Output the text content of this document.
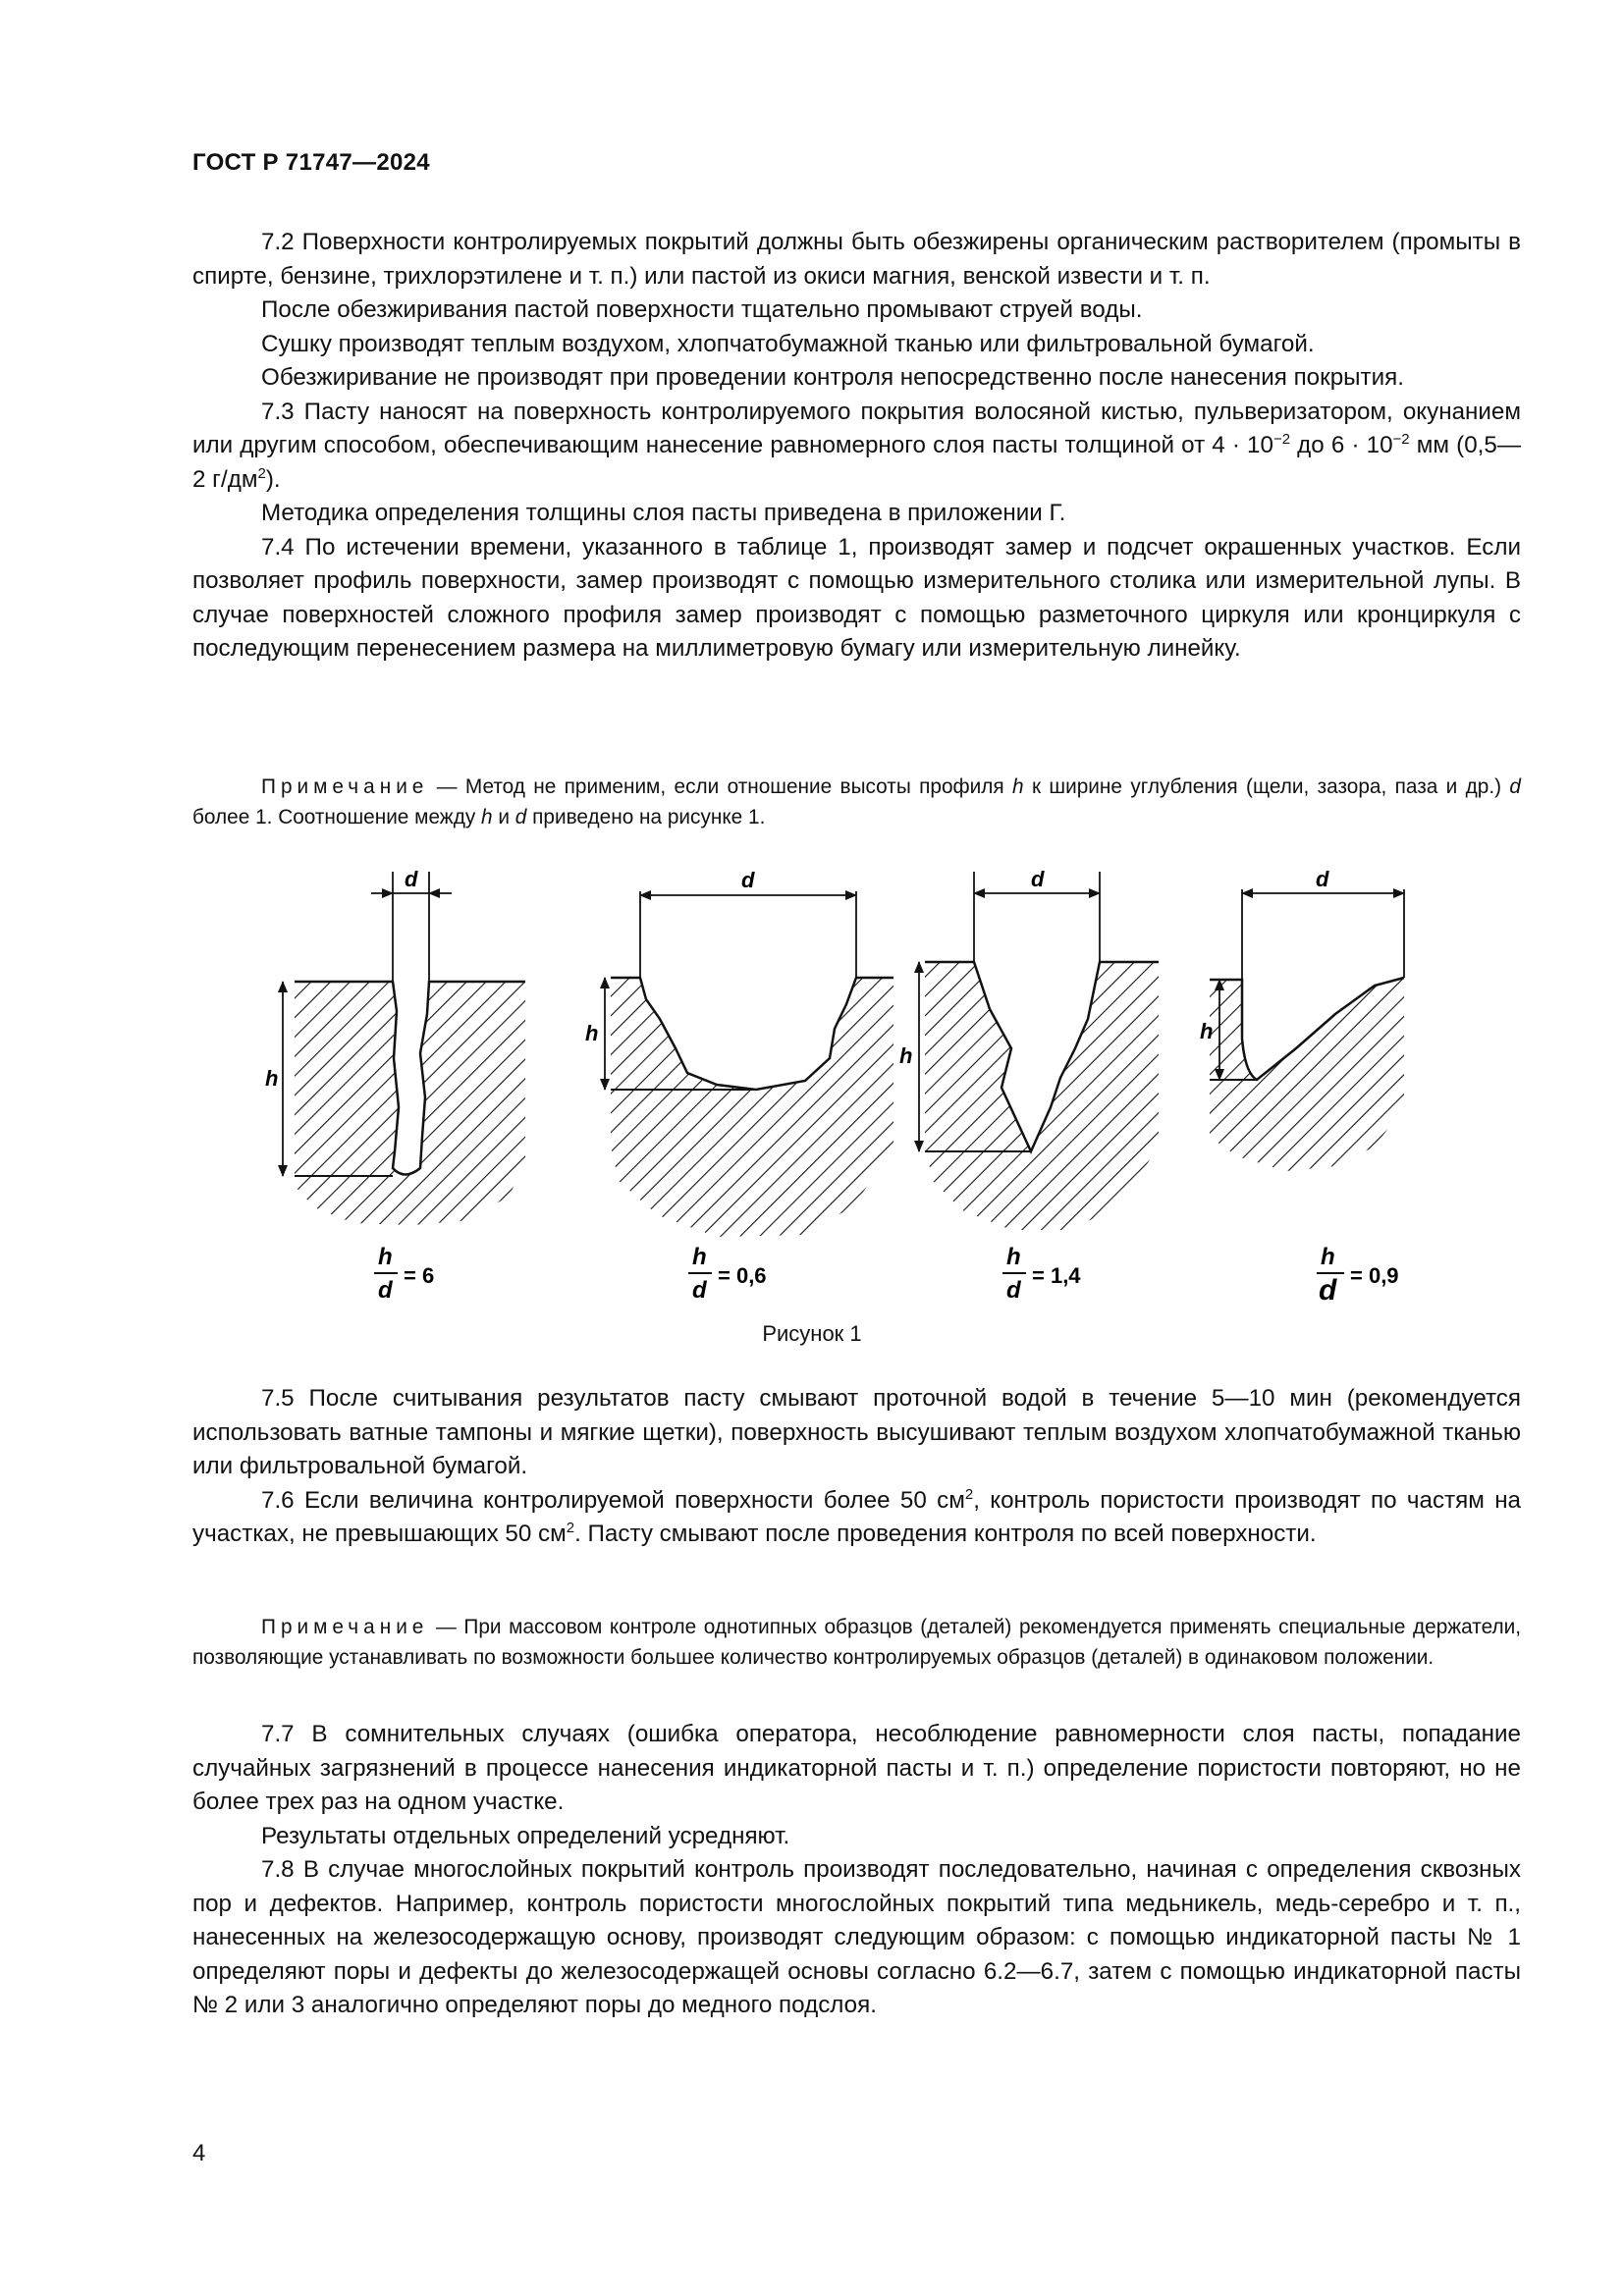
ГОСТ Р 71747—2024

7.2 Поверхности контролируемых покрытий должны быть обезжирены органическим растворителем (промыты в спирте, бензине, трихлорэтилене и т. п.) или пастой из окиси магния, венской извести и т. п.

После обезжиривания пастой поверхности тщательно промывают струей воды.

Сушку производят теплым воздухом, хлопчатобумажной тканью или фильтровальной бумагой.

Обезжиривание не производят при проведении контроля непосредственно после нанесения покрытия.

7.3 Пасту наносят на поверхность контролируемого покрытия волосяной кистью, пульверизатором, окунанием или другим способом, обеспечивающим нанесение равномерного слоя пасты толщиной от $4 \cdot 10^{-2}$ до $6 \cdot 10^{-2}$ мм (0,5—2 $г/дм^2$).

Методика определения толщины слоя пасты приведена в приложении Г.

7.4 По истечении времени, указанного в таблице 1, производят замер и подсчет окрашенных участков. Если позволяет профиль поверхности, замер производят с помощью измерительного столика или измерительной лупы. В случае поверхностей сложного профиля замер производят с помощью разметочного циркуля или кронциркуля с последующим перенесением размера на миллиметровую бумагу или измерительную линейку.

Примечание — Метод не применим, если отношение высоты профиля h к ширине углубления (щели, зазора, паза и др.) d более 1. Соотношение между h и d приведено на рисунке 1.

d
h
d
h
d
h
d
h
h
d
= 6
h
d
= 0,6
h
d
= 1,4
h
d = 0,9
Рисунок 1

7.5 После считывания результатов пасту смывают проточной водой в течение 5—10 мин (рекомендуется использовать ватные тампоны и мягкие щетки), поверхность высушивают теплым воздухом хлопчатобумажной тканью или фильтровальной бумагой.

7.6 Если величина контролируемой поверхности более 50 $см^2$, контроль пористости производят по частям на участках, не превышающих 50 $см^2$. Пасту смывают после проведения контроля по всей поверхности.

Примечание — При массовом контроле однотипных образцов (деталей) рекомендуется применять специальные держатели, позволяющие устанавливать по возможности большее количество контролируемых образцов (деталей) в одинаковом положении.

7.7 В сомнительных случаях (ошибка оператора, несоблюдение равномерности слоя пасты, попадание случайных загрязнений в процессе нанесения индикаторной пасты и т. п.) определение пористости повторяют, но не более трех раз на одном участке.

Результаты отдельных определений усредняют.

7.8 В случае многослойных покрытий контроль производят последовательно, начиная с определения сквозных пор и дефектов. Например, контроль пористости многослойных покрытий типа медьникель, медь-серебро и т. п., нанесенных на железосодержащую основу, производят следующим образом: с помощью индикаторной пасты № 1 определяют поры и дефекты до железосодержащей основы согласно 6.2—6.7, затем с помощью индикаторной пасты № 2 или 3 аналогично определяют поры до медного подслоя.

4
